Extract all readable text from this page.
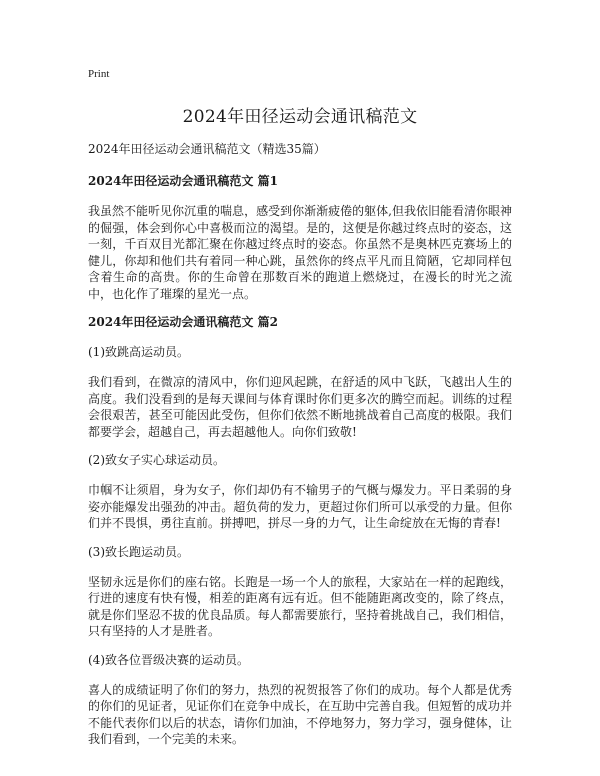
Print
2024年田径运动会通讯稿范文
2024年田径运动会通讯稿范文（精选35篇）
2024年田径运动会通讯稿范文 篇1

我虽然不能听见你沉重的喘息，感受到你渐渐疲倦的躯体,但我依旧能看清你眼神的倔强，体会到你心中喜极而泣的渴望。是的，这便是你越过终点时的姿态，这一刻，千百双目光都汇聚在你越过终点时的姿态。你虽然不是奥林匹克赛场上的健儿，你却和他们共有着同一种心跳，虽然你的终点平凡而且简陋，它却同样包含着生命的高贵。你的生命曾在那数百米的跑道上燃烧过，在漫长的时光之流中，也化作了璀璨的星光一点。

2024年田径运动会通讯稿范文 篇2
(1)致跳高运动员。

我们看到，在微凉的清风中，你们迎风起跳，在舒适的风中飞跃，飞越出人生的高度。我们没看到的是每天课间与体育课时你们更多次的腾空而起。训练的过程会很艰苦，甚至可能因此受伤，但你们依然不断地挑战着自己高度的极限。我们都要学会，超越自己，再去超越他人。向你们致敬!

(2)致女子实心球运动员。

巾帼不让须眉，身为女子，你们却仍有不输男子的气概与爆发力。平日柔弱的身姿亦能爆发出强劲的冲击。超负荷的发力，更超过你们所可以承受的力量。但你们并不畏惧，勇往直前。拼搏吧，拼尽一身的力气，让生命绽放在无悔的青春!

(3)致长跑运动员。

坚韧永远是你们的座右铭。长跑是一场一个人的旅程，大家站在一样的起跑线，行进的速度有快有慢，相差的距离有远有近。但不能随距离改变的，除了终点，就是你们坚忍不拔的优良品质。每人都需要旅行，坚持着挑战自己，我们相信，只有坚持的人才是胜者。

(4)致各位晋级决赛的运动员。

喜人的成绩证明了你们的努力，热烈的祝贺报答了你们的成功。每个人都是优秀的你们的见证者，见证你们在竞争中成长，在互助中完善自我。但短暂的成功并不能代表你们以后的状态，请你们加油，不停地努力，努力学习，强身健体，让我们看到，一个完美的未来。
